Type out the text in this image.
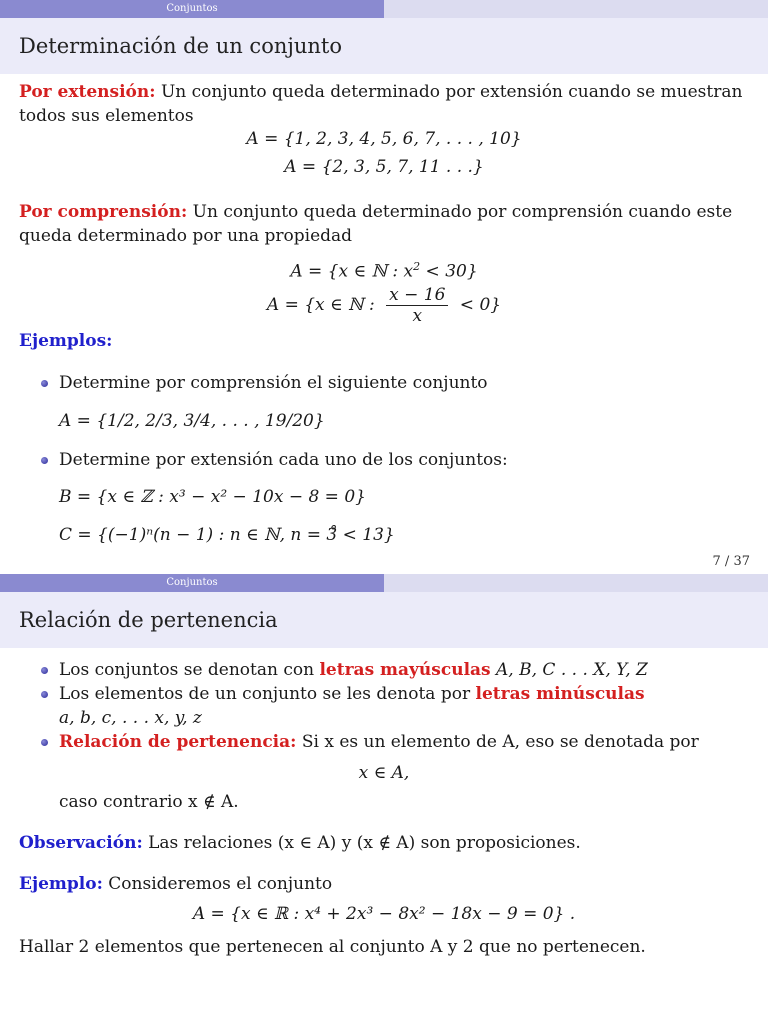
Conjuntos
Determinación de un conjunto
Por extensión: Un conjunto queda determinado por extensión cuando se muestran
todos sus elementos
A = {1, 2, 3, 4, 5, 6, 7, . . . , 10}
A = {2, 3, 5, 7, 11 . . .}
Por comprensión: Un conjunto queda determinado por comprensión cuando este
queda determinado por una propiedad
A = {x ∈ ℕ : $x^2 < 30$}
A = {x ∈ ℕ : $\frac{x - 16}{x} < 0$}
Ejemplos:
Determine por comprensión el siguiente conjunto
A = {1/2, 2/3, 3/4, . . . , 19/20}
Determine por extensión cada uno de los conjuntos:
B = {x ∈ ℤ : x³ − x² − 10x − 8 = 0}
C = {(−1)ⁿ(n − 1) : n ∈ ℕ, n = 3̊ < 13}
7 / 37
Conjuntos
Relación de pertenencia
Los conjuntos se denotan con letras mayúsculas A, B, C . . . X, Y, Z
Los elementos de un conjunto se les denota por letras minúsculas
a, b, c, . . . x, y, z
Relación de pertenencia: Si x es un elemento de A, eso se denotada por
x ∈ A,
caso contrario x ∉ A.
Observación: Las relaciones (x ∈ A) y (x ∉ A) son proposiciones.
Ejemplo: Consideremos el conjunto
A = {x ∈ ℝ : x⁴ + 2x³ − 8x² − 18x − 9 = 0} .
Hallar 2 elementos que pertenecen al conjunto A y 2 que no pertenecen.
